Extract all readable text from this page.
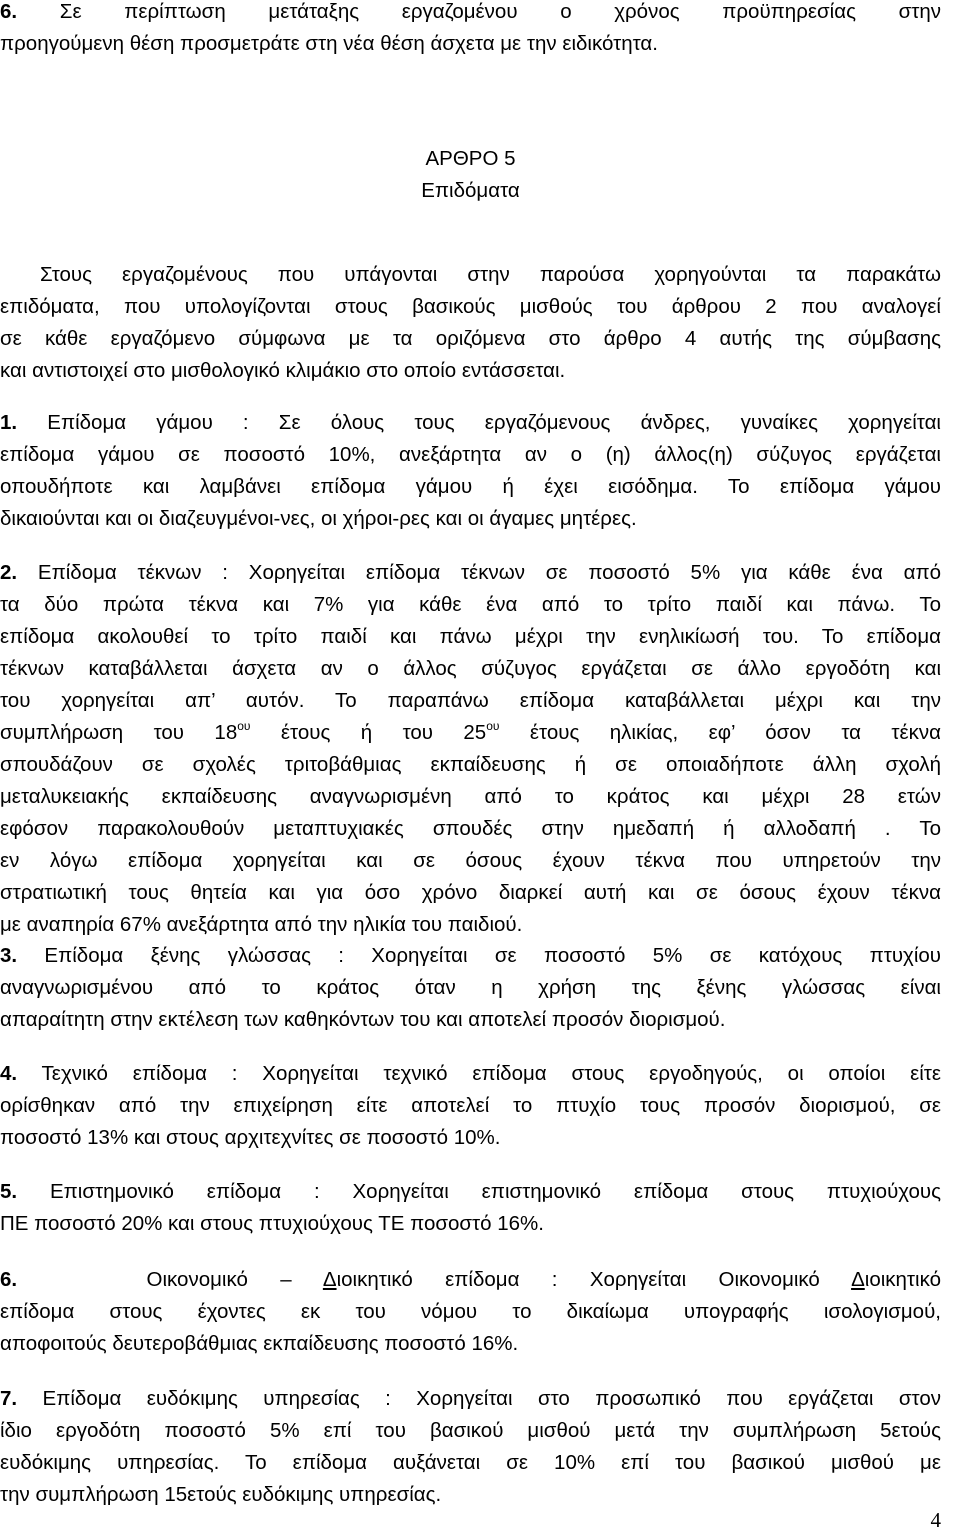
6. Σε περίπτωση μετάταξης εργαζομένου ο χρόνος προϋπηρεσίας στην
προηγούμενη θέση προσμετράτε στη νέα θέση άσχετα με την ειδικότητα.
ΑΡΘΡΟ 5
Επιδόματα
Στους εργαζομένους που υπάγονται στην παρούσα χορηγούνται τα παρακάτω
επιδόματα, που υπολογίζονται στους βασικούς μισθούς του άρθρου 2 που αναλογεί
σε κάθε εργαζόμενο σύμφωνα με τα οριζόμενα στο άρθρο 4 αυτής της σύμβασης
και αντιστοιχεί στο μισθολογικό κλιμάκιο στο οποίο εντάσσεται.
1. Επίδομα γάμου : Σε όλους τους εργαζόμενους άνδρες, γυναίκες χορηγείται
επίδομα γάμου σε ποσοστό 10%, ανεξάρτητα αν ο (η) άλλος(η) σύζυγος εργάζεται
οπουδήποτε και λαμβάνει επίδομα γάμου ή έχει εισόδημα. Το επίδομα γάμου
δικαιούνται και οι διαζευγμένοι-νες, οι χήροι-ρες και οι άγαμες μητέρες.
2. Επίδομα τέκνων : Χορηγείται επίδομα τέκνων σε ποσοστό 5% για κάθε ένα από
τα δύο πρώτα τέκνα και 7% για κάθε ένα από το τρίτο παιδί και πάνω. Το
επίδομα ακολουθεί το τρίτο παιδί και πάνω μέχρι την ενηλικίωσή του. Το επίδομα
τέκνων καταβάλλεται άσχετα αν ο άλλος σύζυγος εργάζεται σε άλλο εργοδότη και
του χορηγείται απ’ αυτόν. Το παραπάνω επίδομα καταβάλλεται μέχρι και την
συμπλήρωση του $18^{o\upsilon}$ έτους ή του $25^{o\upsilon}$ έτους ηλικίας, εφ’ όσον τα τέκνα
σπουδάζουν σε σχολές τριτοβάθμιας εκπαίδευσης ή σε οποιαδήποτε άλλη σχολή
μεταλυκειακής εκπαίδευσης αναγνωρισμένη από το κράτος και μέχρι 28 ετών
εφόσον παρακολουθούν μεταπτυχιακές σπουδές στην ημεδαπή ή αλλοδαπή . Το
εν λόγω επίδομα χορηγείται και σε όσους έχουν τέκνα που υπηρετούν την
στρατιωτική τους θητεία και για όσο χρόνο διαρκεί αυτή και σε όσους έχουν τέκνα
με αναπηρία 67% ανεξάρτητα από την ηλικία του παιδιού.
3. Επίδομα ξένης γλώσσας : Χορηγείται σε ποσοστό 5% σε κατόχους πτυχίου
αναγνωρισμένου από το κράτος όταν η χρήση της ξένης γλώσσας είναι
απαραίτητη στην εκτέλεση των καθηκόντων του και αποτελεί προσόν διορισμού.
4. Τεχνικό επίδομα : Χορηγείται τεχνικό επίδομα στους εργοδηγούς, οι οποίοι είτε
ορίσθηκαν από την επιχείρηση είτε αποτελεί το πτυχίο τους προσόν διορισμού, σε
ποσοστό 13% και στους αρχιτεχνίτες σε ποσοστό 10%.
5. Επιστημονικό επίδομα : Χορηγείται επιστημονικό επίδομα στους πτυχιούχους
ΠΕ ποσοστό 20% και στους πτυχιούχους ΤΕ ποσοστό 16%.
6.	Οικονομικό – Διοικητικό επίδομα : Χορηγείται Οικονομικό Διοικητικό
επίδομα στους έχοντες εκ του νόμου το δικαίωμα υπογραφής ισολογισμού,
αποφοιτούς δευτεροβάθμιας εκπαίδευσης ποσοστό 16%.
7. Επίδομα ευδόκιμης υπηρεσίας : Χορηγείται στο προσωπικό που εργάζεται στον
ίδιο εργοδότη ποσοστό 5% επί του βασικού μισθού μετά την συμπλήρωση 5ετούς
ευδόκιμης υπηρεσίας. Το επίδομα αυξάνεται σε 10% επί του βασικού μισθού με
την συμπλήρωση 15ετούς ευδόκιμης υπηρεσίας.
4
